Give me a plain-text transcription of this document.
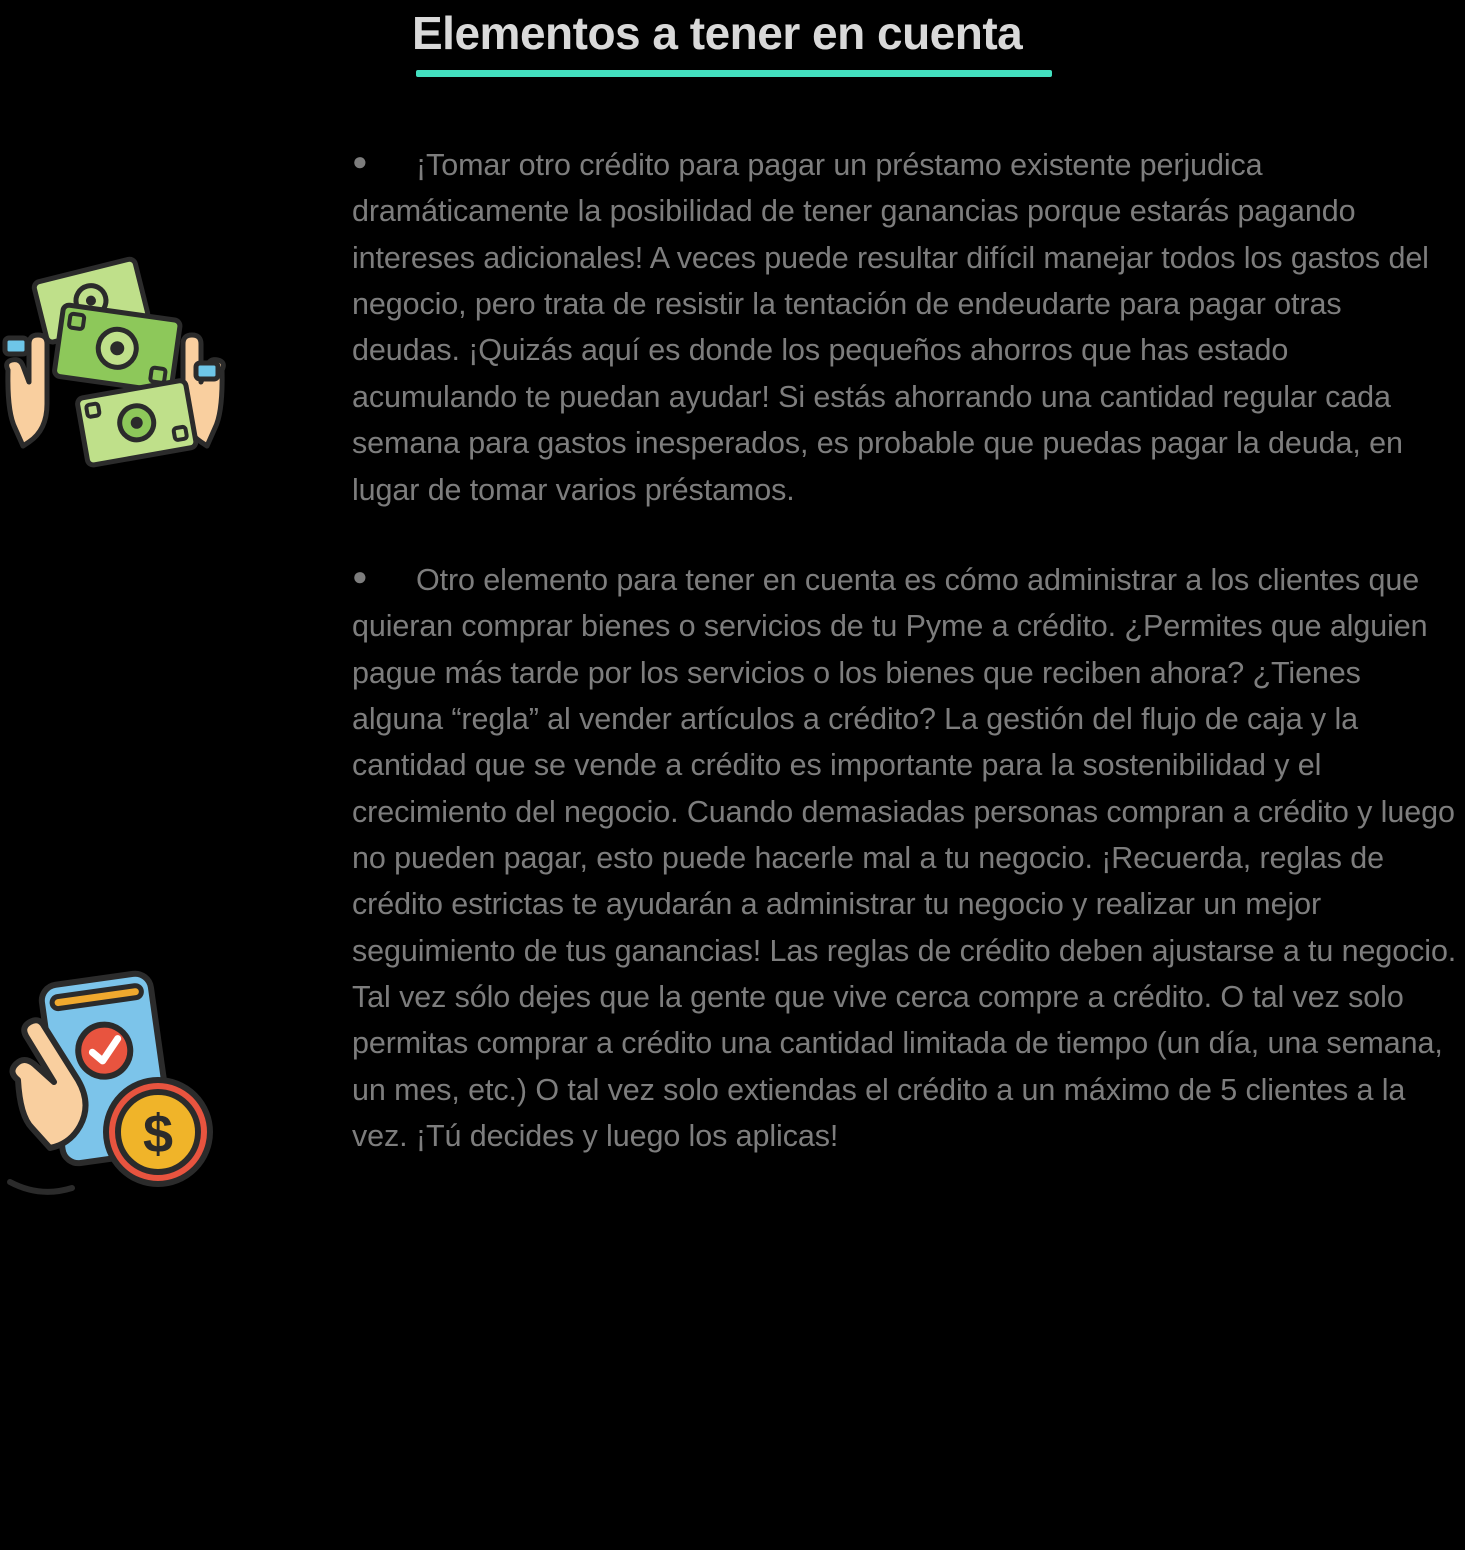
Elementos a tener en cuenta
$

● ¡Tomar otro crédito para pagar un préstamo existente perjudica dramáticamente la posibilidad de tener ganancias porque estarás pagando intereses adicionales! A veces puede resultar difícil manejar todos los gastos del negocio, pero trata de resistir la tentación de endeudarte para pagar otras deudas. ¡Quizás aquí es donde los pequeños ahorros que has estado acumulando te puedan ayudar! Si estás ahorrando una cantidad regular cada semana para gastos inesperados, es probable que puedas pagar la deuda, en lugar de tomar varios préstamos.

● Otro elemento para tener en cuenta es cómo administrar a los clientes que quieran comprar bienes o servicios de tu Pyme a crédito. ¿Permites que alguien pague más tarde por los servicios o los bienes que reciben ahora? ¿Tienes alguna “regla” al vender artículos a crédito? La gestión del flujo de caja y la cantidad que se vende a crédito es importante para la sostenibilidad y el crecimiento del negocio. Cuando demasiadas personas compran a crédito y luego no pueden pagar, esto puede hacerle mal a tu negocio. ¡Recuerda, reglas de crédito estrictas te ayudarán a administrar tu negocio y realizar un mejor seguimiento de tus ganancias! Las reglas de crédito deben ajustarse a tu negocio. Tal vez sólo dejes que la gente que vive cerca compre a crédito. O tal vez solo permitas comprar a crédito una cantidad limitada de tiempo (un día, una semana, un mes, etc.) O tal vez solo extiendas el crédito a un máximo de 5 clientes a la vez. ¡Tú decides y luego los aplicas!
